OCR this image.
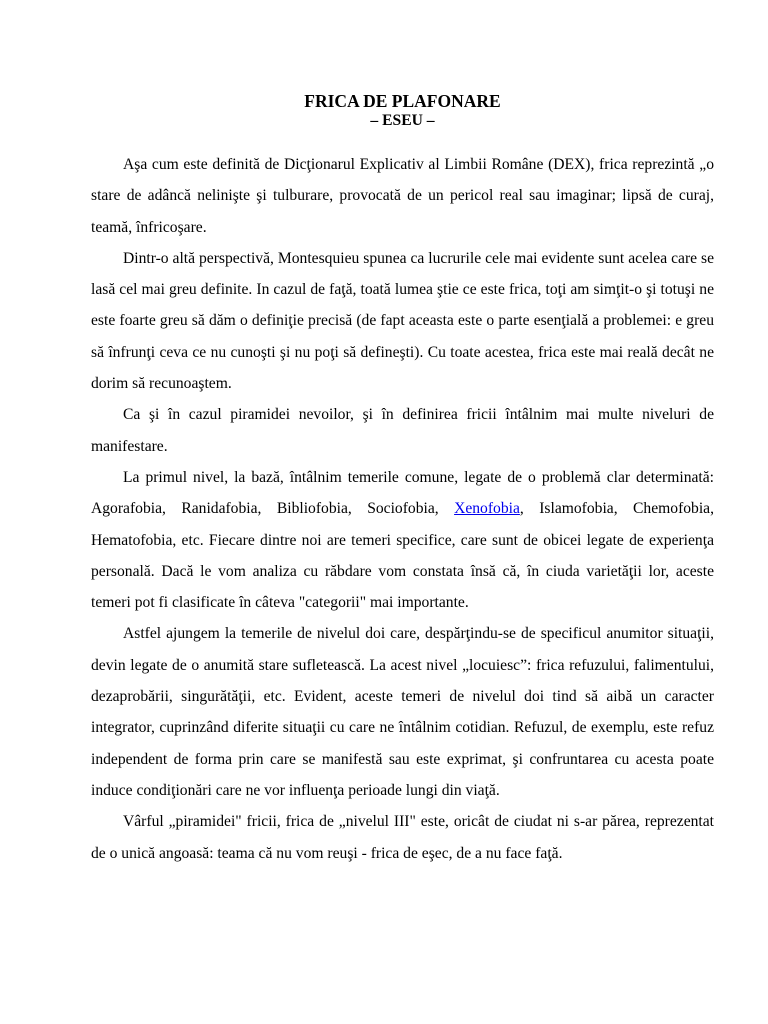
FRICA DE PLAFONARE
– ESEU –

Aşa cum este definită de Dicţionarul Explicativ al Limbii Române (DEX), frica reprezintă „o stare de adâncă nelinişte şi tulburare, provocată de un pericol real sau imaginar; lipsă de curaj, teamă, înfricoşare.

Dintr-o altă perspectivă, Montesquieu spunea ca lucrurile cele mai evidente sunt acelea care se lasă cel mai greu definite. In cazul de faţă, toată lumea ştie ce este frica, toţi am simţit-o şi totuşi ne este foarte greu să dăm o definiţie precisă (de fapt aceasta este o parte esenţială a problemei: e greu să înfrunţi ceva ce nu cunoşti şi nu poţi să defineşti). Cu toate acestea, frica este mai reală decât ne dorim să recunoaştem.

Ca şi în cazul piramidei nevoilor, şi în definirea fricii întâlnim mai multe niveluri de manifestare.

La primul nivel, la bază, întâlnim temerile comune, legate de o problemă clar determinată: Agorafobia, Ranidafobia, Bibliofobia, Sociofobia, Xenofobia, Islamofobia, Chemofobia, Hematofobia, etc. Fiecare dintre noi are temeri specifice, care sunt de obicei legate de experienţa personală. Dacă le vom analiza cu răbdare vom constata însă că, în ciuda varietăţii lor, aceste temeri pot fi clasificate în câteva "categorii" mai importante.

Astfel ajungem la temerile de nivelul doi care, despărţindu-se de specificul anumitor situaţii, devin legate de o anumită stare sufletească. La acest nivel „locuiesc”: frica refuzului, falimentului, dezaprobării, singurătăţii, etc. Evident, aceste temeri de nivelul doi tind să aibă un caracter integrator, cuprinzând diferite situaţii cu care ne întâlnim cotidian. Refuzul, de exemplu, este refuz independent de forma prin care se manifestă sau este exprimat, şi confruntarea cu acesta poate induce condiţionări care ne vor influenţa perioade lungi din viaţă.

Vârful „piramidei" fricii, frica de „nivelul III" este, oricât de ciudat ni s-ar părea, reprezentat de o unică angoasă: teama că nu vom reuşi - frica de eşec, de a nu face faţă.
